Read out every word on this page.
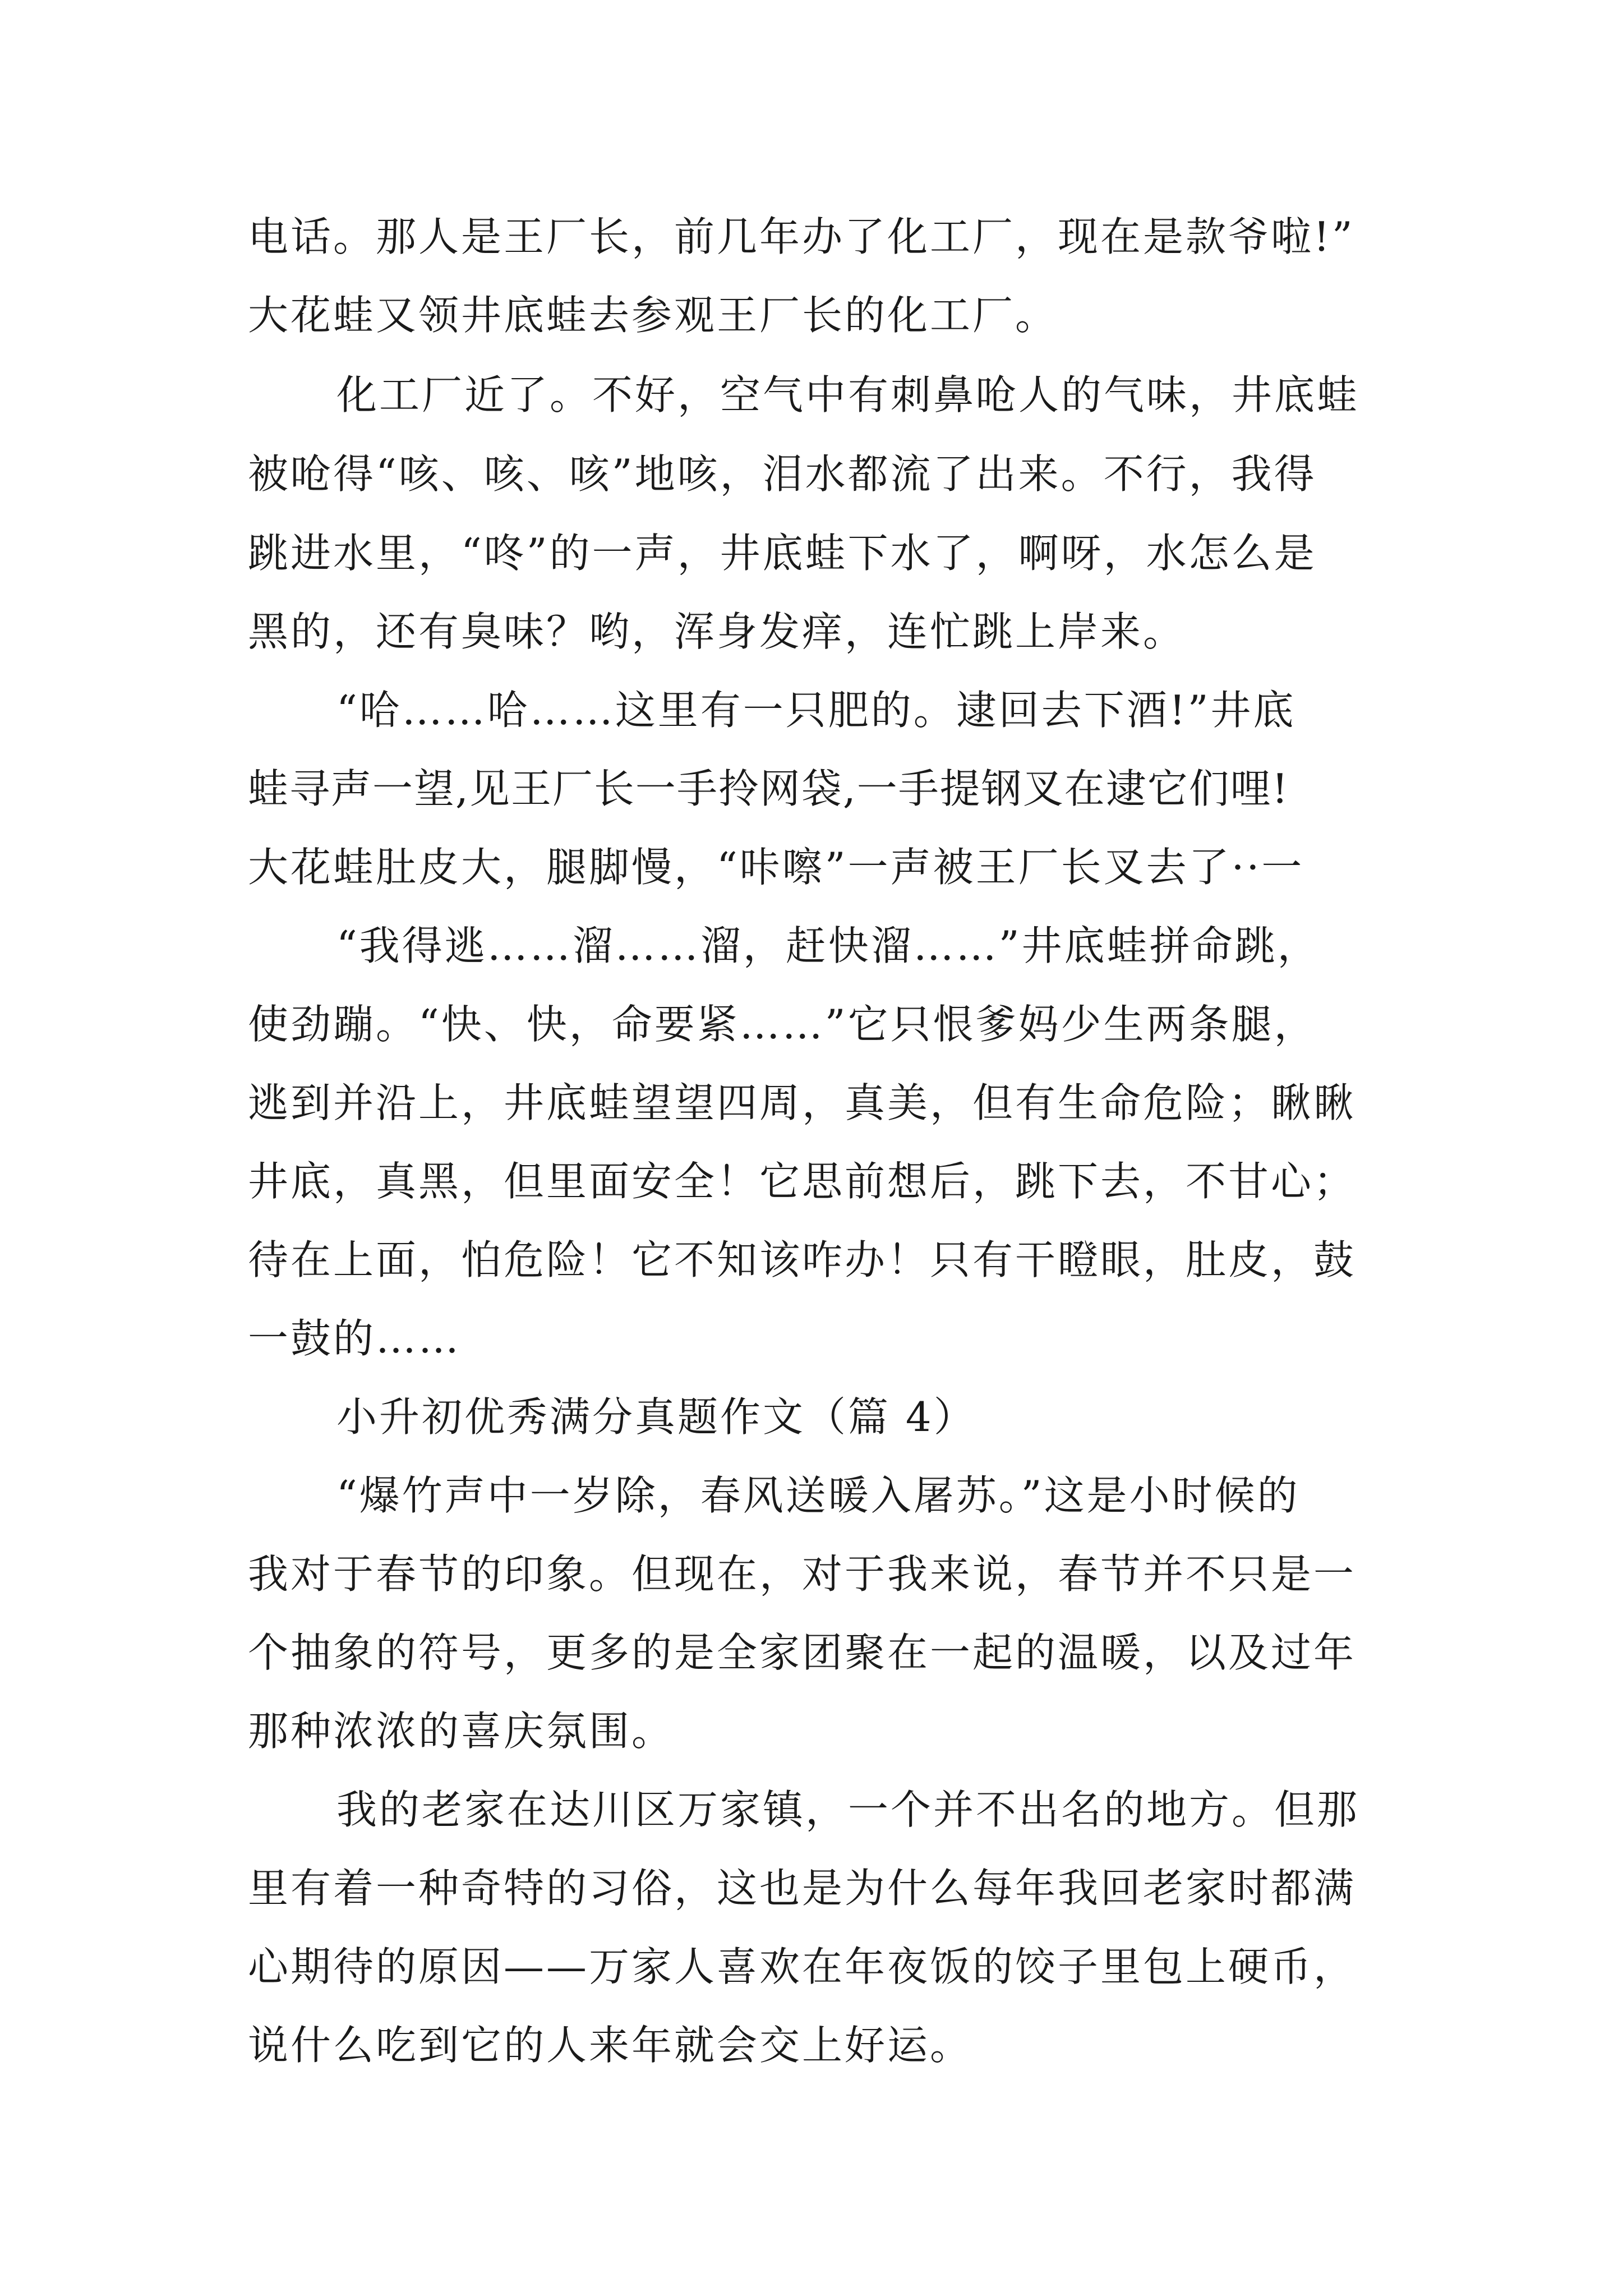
电话。那人是王厂长，前几年办了化工厂，现在是款爷啦!”
大花蛙又领井底蛙去参观王厂长的化工厂。
化工厂近了。不好，空气中有刺鼻呛人的气味，井底蛙
被呛得“咳、咳、咳”地咳，泪水都流了出来。不行，我得
跳进水里，“咚”的一声，井底蛙下水了，啊呀，水怎么是
黑的，还有臭味？哟，浑身发痒，连忙跳上岸来。
“哈……哈……这里有一只肥的。逮回去下酒!”井底
蛙寻声一望,见王厂长一手拎网袋,一手提钢叉在逮它们哩!
大花蛙肚皮大，腿脚慢，“咔嚓”一声被王厂长叉去了··一
“我得逃……溜……溜，赶快溜……”井底蛙拼命跳，
使劲蹦。“快、快，命要紧……”它只恨爹妈少生两条腿，
逃到并沿上，井底蛙望望四周，真美，但有生命危险；瞅瞅
井底，真黑，但里面安全！它思前想后，跳下去，不甘心；
待在上面，怕危险！它不知该咋办！只有干瞪眼，肚皮，鼓
一鼓的……
小升初优秀满分真题作文（篇 4）
“爆竹声中一岁除，春风送暖入屠苏。”这是小时候的
我对于春节的印象。但现在，对于我来说，春节并不只是一
个抽象的符号，更多的是全家团聚在一起的温暖，以及过年
那种浓浓的喜庆氛围。
我的老家在达川区万家镇，一个并不出名的地方。但那
里有着一种奇特的习俗，这也是为什么每年我回老家时都满
心期待的原因——万家人喜欢在年夜饭的饺子里包上硬币，
说什么吃到它的人来年就会交上好运。
